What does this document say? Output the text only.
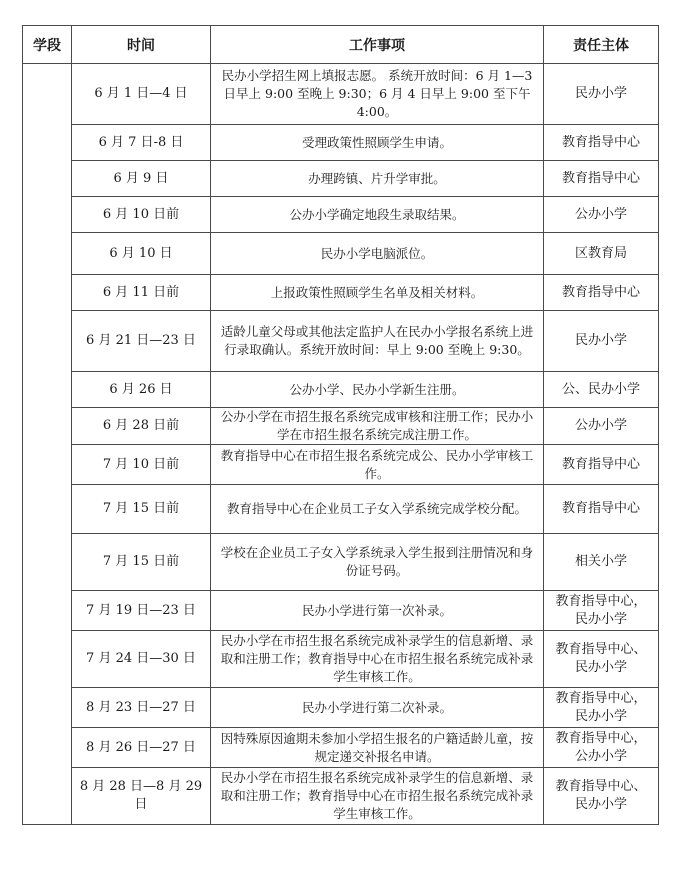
学段	时间	工作事项	责任主体
	6 月 1 日—4 日	民办小学招生网上填报志愿。 系统开放时间：6 月 1—3 日早上 9:00 至晚上 9:30；6 月 4 日早上 9:00 至下午 4:00。	民办小学
	6 月 7 日-8 日	受理政策性照顾学生申请。	教育指导中心
	6 月 9 日	办理跨镇、片升学审批。	教育指导中心
	6 月 10 日前	公办小学确定地段生录取结果。	公办小学
	6 月 10 日	民办小学电脑派位。	区教育局
	6 月 11 日前	上报政策性照顾学生名单及相关材料。	教育指导中心
	6 月 21 日—23 日	适龄儿童父母或其他法定监护人在民办小学报名系统上进行录取确认。系统开放时间：早上 9:00 至晚上 9:30。	民办小学
	6 月 26 日	公办小学、民办小学新生注册。	公、民办小学
	6 月 28 日前	公办小学在市招生报名系统完成审核和注册工作；民办小学在市招生报名系统完成注册工作。	公办小学
	7 月 10 日前	教育指导中心在市招生报名系统完成公、民办小学审核工作。	教育指导中心
	7 月 15 日前	教育指导中心在企业员工子女入学系统完成学校分配。	教育指导中心
	7 月 15 日前	学校在企业员工子女入学系统录入学生报到注册情况和身份证号码。	相关小学
	7 月 19 日—23 日	民办小学进行第一次补录。	教育指导中心，民办小学
	7 月 24 日—30 日	民办小学在市招生报名系统完成补录学生的信息新增、录取和注册工作；教育指导中心在市招生报名系统完成补录学生审核工作。	教育指导中心、民办小学
	8 月 23 日—27 日	民办小学进行第二次补录。	教育指导中心，民办小学
	8 月 26 日—27 日	因特殊原因逾期未参加小学招生报名的户籍适龄儿童，按规定递交补报名申请。	教育指导中心，公办小学
	8 月 28 日—8 月 29 日	民办小学在市招生报名系统完成补录学生的信息新增、录取和注册工作；教育指导中心在市招生报名系统完成补录学生审核工作。	教育指导中心、民办小学
